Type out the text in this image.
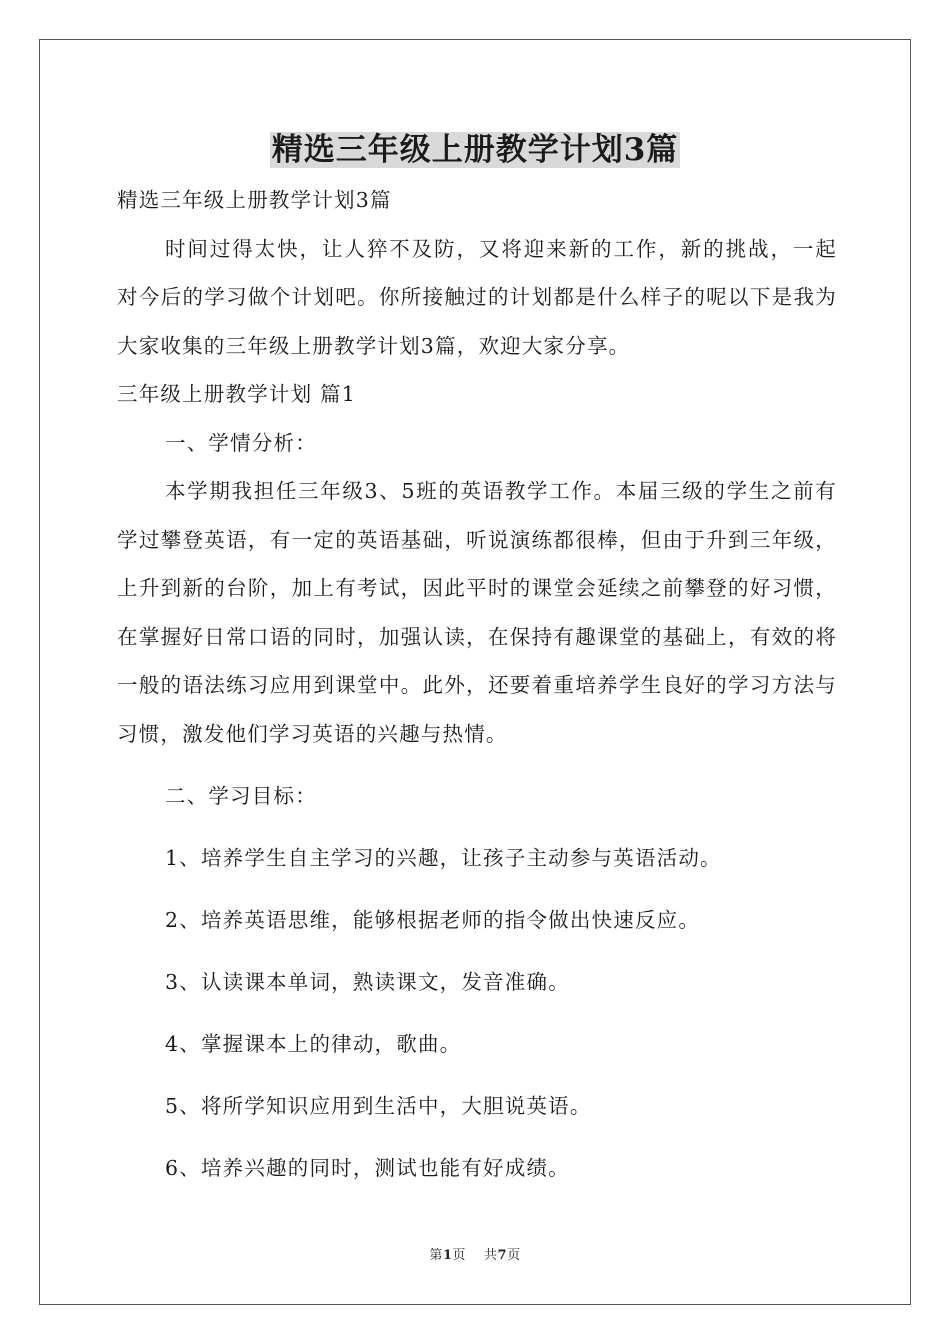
精选三年级上册教学计划3篇

精选三年级上册教学计划3篇

时间过得太快，让人猝不及防，又将迎来新的工作，新的挑战，一起对今后的学习做个计划吧。你所接触过的计划都是什么样子的呢以下是我为大家收集的三年级上册教学计划3篇，欢迎大家分享。

三年级上册教学计划 篇1

一、学情分析：

本学期我担任三年级3、5班的英语教学工作。本届三级的学生之前有学过攀登英语，有一定的英语基础，听说演练都很棒，但由于升到三年级，上升到新的台阶，加上有考试，因此平时的课堂会延续之前攀登的好习惯，在掌握好日常口语的同时，加强认读，在保持有趣课堂的基础上，有效的将一般的语法练习应用到课堂中。此外，还要着重培养学生良好的学习方法与习惯，激发他们学习英语的兴趣与热情。

二、学习目标：

1、培养学生自主学习的兴趣，让孩子主动参与英语活动。

2、培养英语思维，能够根据老师的指令做出快速反应。

3、认读课本单词，熟读课文，发音准确。

4、掌握课本上的律动，歌曲。

5、将所学知识应用到生活中，大胆说英语。

6、培养兴趣的同时，测试也能有好成绩。

第1页 共7页
